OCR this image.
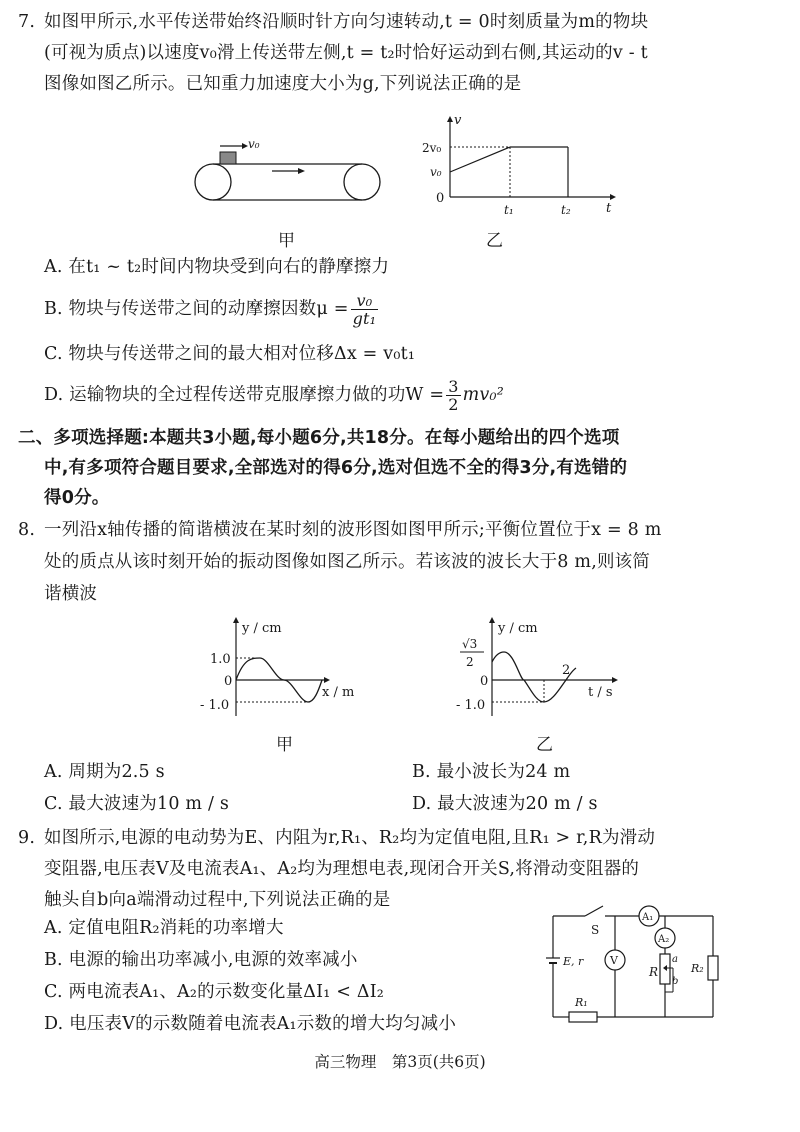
7. 如图甲所示,水平传送带始终沿顺时针方向匀速转动,t = 0时刻质量为m的物块
(可视为质点)以速度v₀滑上传送带左侧,t = t₂时恰好运动到右侧,其运动的v - t
图像如图乙所示。已知重力加速度大小为g,下列说法正确的是
v₀
甲
v
t
2v₀
v₀
0
t₁	t₂
乙
A. 在t₁ ~ t₂时间内物块受到向右的静摩擦力
B. 物块与传送带之间的动摩擦因数$\mu = \frac{\text{v₀}}{\text{gt₁}}$
C. 物块与传送带之间的最大相对位移Δx = v₀t₁
D. 运输物块的全过程传送带克服摩擦力做的功$W = \frac{3}{2} mv_0^2$
二、多项选择题:本题共3小题,每小题6分,共18分。在每小题给出的四个选项
中,有多项符合题目要求,全部选对的得6分,选对但选不全的得3分,有选错的
得0分。
8. 一列沿x轴传播的简谐横波在某时刻的波形图如图甲所示;平衡位置位于x = 8 m
处的质点从该时刻开始的振动图像如图乙所示。若该波的波长大于8 m,则该简
谐横波
y / cm
x / m
1.0
0
- 1.0
甲
y / cm
t / s
√3
2
0
- 1.0
2
乙
A. 周期为2.5 s	B. 最小波长为24 m
C. 最大波速为10 m / s	D. 最大波速为20 m / s
9. 如图所示,电源的电动势为E、内阻为r,R₁、R₂均为定值电阻,且R₁ > r,R为滑动
变阻器,电压表V及电流表A₁、A₂均为理想电表,现闭合开关S,将滑动变阻器的
触头自b向a端滑动过程中,下列说法正确的是
A. 定值电阻R₂消耗的功率增大
B. 电源的输出功率减小,电源的效率减小
C. 两电流表A₁、A₂的示数变化量ΔI₁ < ΔI₂
D. 电压表V的示数随着电流表A₁示数的增大均匀减小
S
A₁
R₂
A₂
a
b
R
V
E, r
R₁
高三物理　第3页(共6页)
